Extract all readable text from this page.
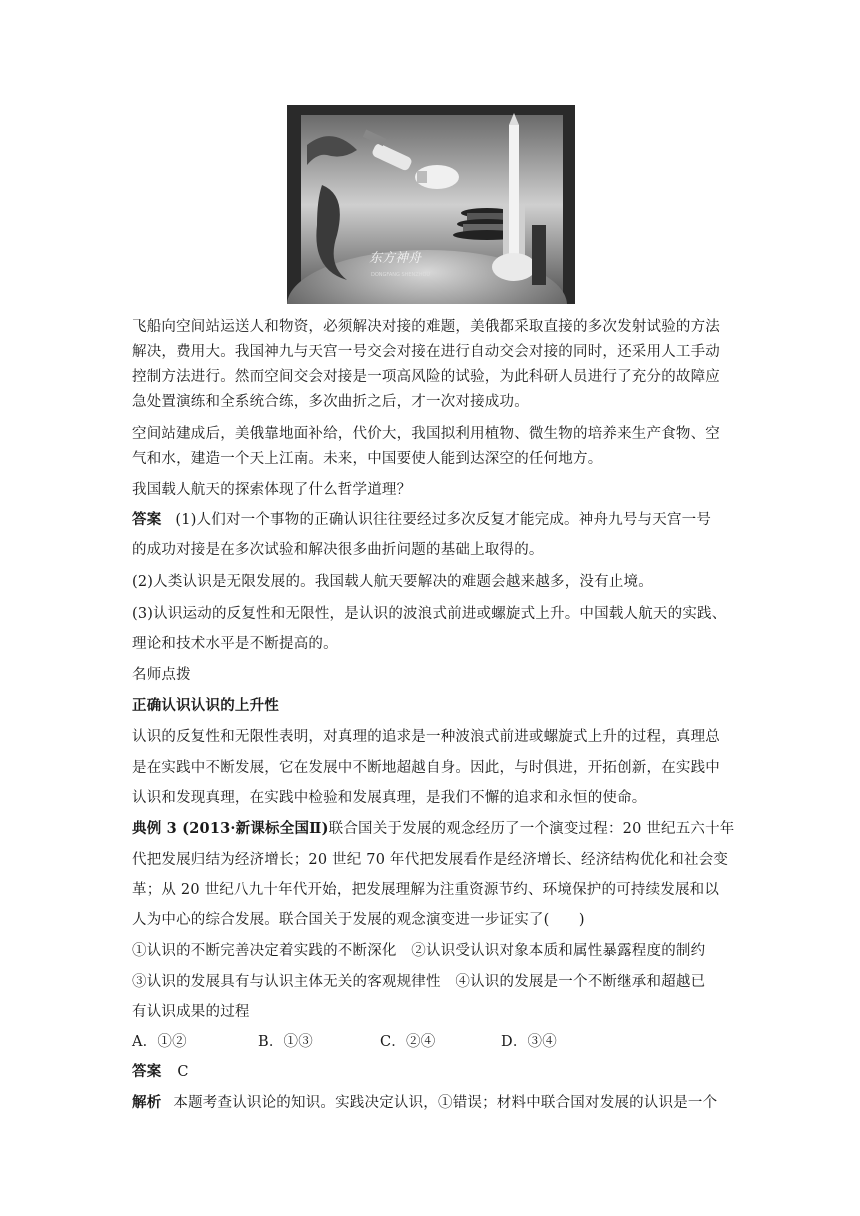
东方神舟
DONGFANG SHENZHOU

飞船向空间站运送人和物资，必须解决对接的难题，美俄都采取直接的多次发射试验的方法

解决，费用大。我国神九与天宫一号交会对接在进行自动交会对接的同时，还采用人工手动

控制方法进行。然而空间交会对接是一项高风险的试验，为此科研人员进行了充分的故障应

急处置演练和全系统合练，多次曲折之后，才一次对接成功。

空间站建成后，美俄靠地面补给，代价大，我国拟利用植物、微生物的培养来生产食物、空

气和水，建造一个天上江南。未来，中国要使人能到达深空的任何地方。

我国载人航天的探索体现了什么哲学道理？

答案 (1)人们对一个事物的正确认识往往要经过多次反复才能完成。神舟九号与天宫一号

的成功对接是在多次试验和解决很多曲折问题的基础上取得的。

(2)人类认识是无限发展的。我国载人航天要解决的难题会越来越多，没有止境。

(3)认识运动的反复性和无限性，是认识的波浪式前进或螺旋式上升。中国载人航天的实践、

理论和技术水平是不断提高的。

名师点拨

正确认识认识的上升性

认识的反复性和无限性表明，对真理的追求是一种波浪式前进或螺旋式上升的过程，真理总

是在实践中不断发展，它在发展中不断地超越自身。因此，与时俱进，开拓创新，在实践中

认识和发现真理，在实践中检验和发展真理，是我们不懈的追求和永恒的使命。

典例 3 (2013·新课标全国Ⅱ)联合国关于发展的观念经历了一个演变过程：20 世纪五六十年

代把发展归结为经济增长；20 世纪 70 年代把发展看作是经济增长、经济结构优化和社会变

革；从 20 世纪八九十年代开始，把发展理解为注重资源节约、环境保护的可持续发展和以

人为中心的综合发展。联合国关于发展的观念演变进一步证实了(　　)

①认识的不断完善决定着实践的不断深化　②认识受认识对象本质和属性暴露程度的制约

③认识的发展具有与认识主体无关的客观规律性　④认识的发展是一个不断继承和超越已

有认识成果的过程

A．①②	B．①③	C．②④	D．③④

答案 C

解析 本题考查认识论的知识。实践决定认识，①错误；材料中联合国对发展的认识是一个
